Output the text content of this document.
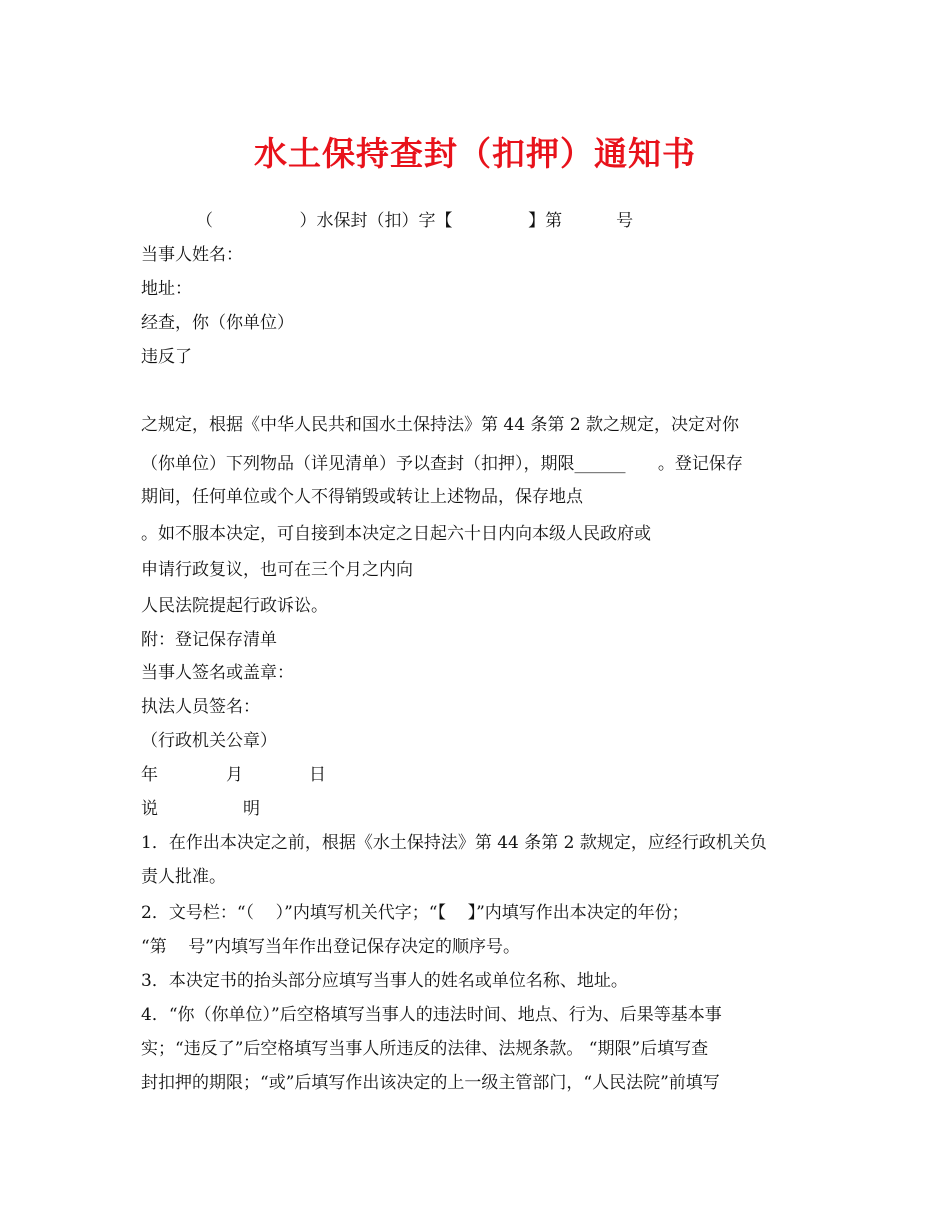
水土保持查封（扣押）通知书
（                ）水保封（扣）字【              】第          号
当事人姓名：
地址：
经查，你（你单位）
违反了
之规定，根据《中华人民共和国水土保持法》第 44 条第 2 款之规定，决定对你
（你单位）下列物品（详见清单）予以查封（扣押），期限______      。登记保存
期间，任何单位或个人不得销毁或转让上述物品，保存地点
。如不服本决定，可自接到本决定之日起六十日内向本级人民政府或
申请行政复议，也可在三个月之内向
人民法院提起行政诉讼。
附：登记保存清单
当事人签名或盖章：
执法人员签名：
（行政机关公章）
年	月	日
说	明
1．在作出本决定之前，根据《水土保持法》第 44 条第 2 款规定，应经行政机关负
责人批准。
2．文号栏：“（    ）”内填写机关代字；“【    】”内填写作出本决定的年份；
“第    号”内填写当年作出登记保存决定的顺序号。
3．本决定书的抬头部分应填写当事人的姓名或单位名称、地址。
4．“你（你单位）”后空格填写当事人的违法时间、地点、行为、后果等基本事
实；“违反了”后空格填写当事人所违反的法律、法规条款。 “期限”后填写查
封扣押的期限；“或”后填写作出该决定的上一级主管部门，“人民法院”前填写
